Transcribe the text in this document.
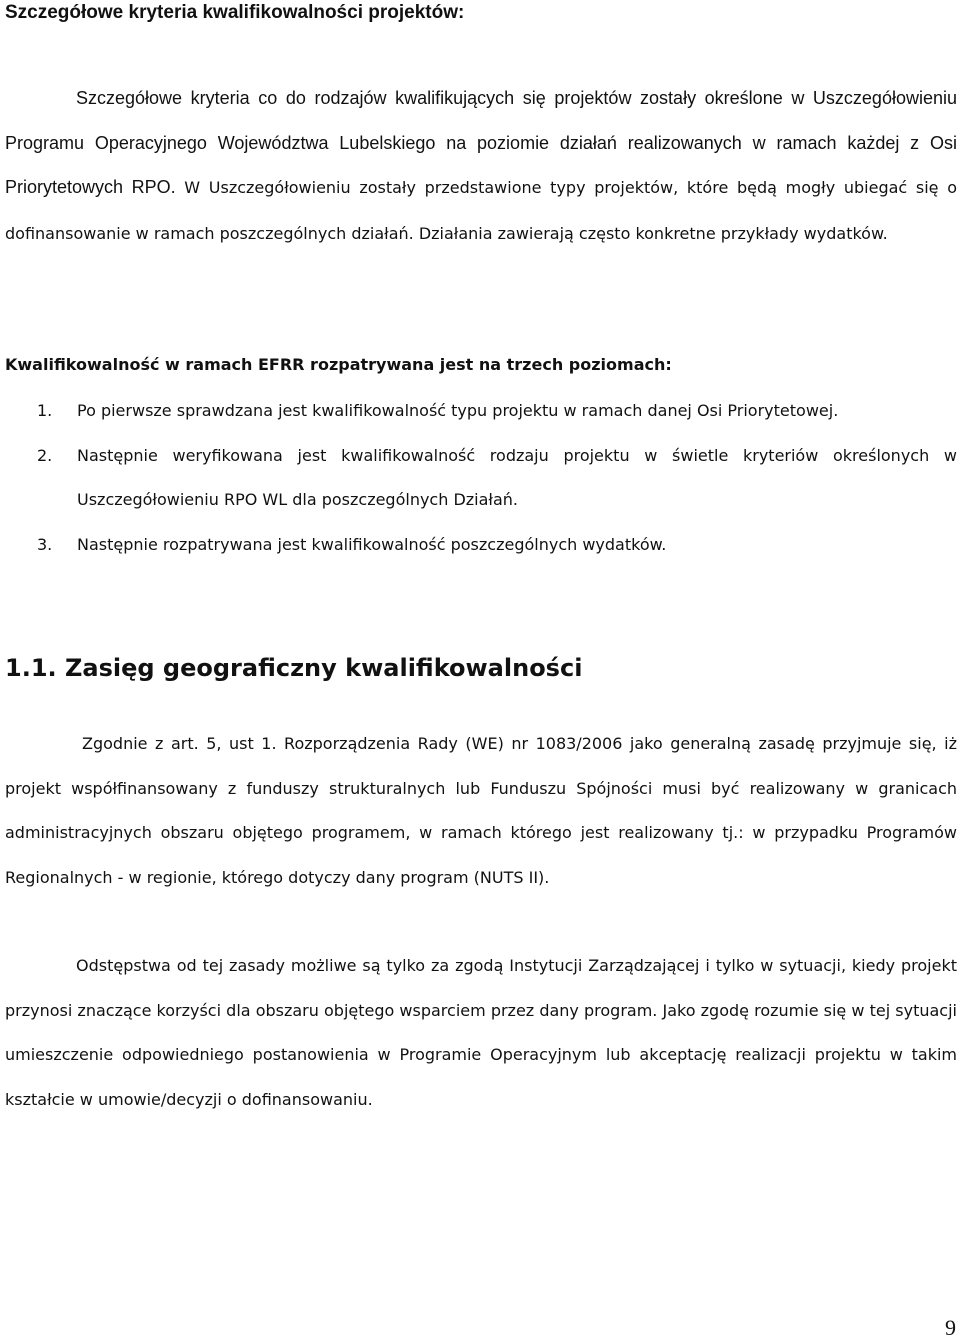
Szczegółowe kryteria kwalifikowalności projektów:

Szczegółowe kryteria co do rodzajów kwalifikujących się projektów zostały określone w Uszczegółowieniu Programu Operacyjnego Województwa Lubelskiego na poziomie działań realizowanych w ramach każdej z Osi Priorytetowych RPO. W Uszczegółowieniu zostały przedstawione typy projektów, które będą mogły ubiegać się o dofinansowanie w ramach poszczególnych działań. Działania zawierają często konkretne przykłady wydatków.

Kwalifikowalność w ramach EFRR rozpatrywana jest na trzech poziomach:
1. Po pierwsze sprawdzana jest kwalifikowalność typu projektu w ramach danej Osi Priorytetowej.
2. Następnie weryfikowana jest kwalifikowalność rodzaju projektu w świetle kryteriów określonych w Uszczegółowieniu RPO WL dla poszczególnych Działań.
3. Następnie rozpatrywana jest kwalifikowalność poszczególnych wydatków.
1.1. Zasięg geograficzny kwalifikowalności

Zgodnie z art. 5, ust 1. Rozporządzenia Rady (WE) nr 1083/2006 jako generalną zasadę przyjmuje się, iż projekt współfinansowany z funduszy strukturalnych lub Funduszu Spójności musi być realizowany w granicach administracyjnych obszaru objętego programem, w ramach którego jest realizowany tj.: w przypadku Programów Regionalnych - w regionie, którego dotyczy dany program (NUTS II).

Odstępstwa od tej zasady możliwe są tylko za zgodą Instytucji Zarządzającej i tylko w sytuacji, kiedy projekt przynosi znaczące korzyści dla obszaru objętego wsparciem przez dany program. Jako zgodę rozumie się w tej sytuacji umieszczenie odpowiedniego postanowienia w Programie Operacyjnym lub akceptację realizacji projektu w takim kształcie w umowie/decyzji o dofinansowaniu.

9
